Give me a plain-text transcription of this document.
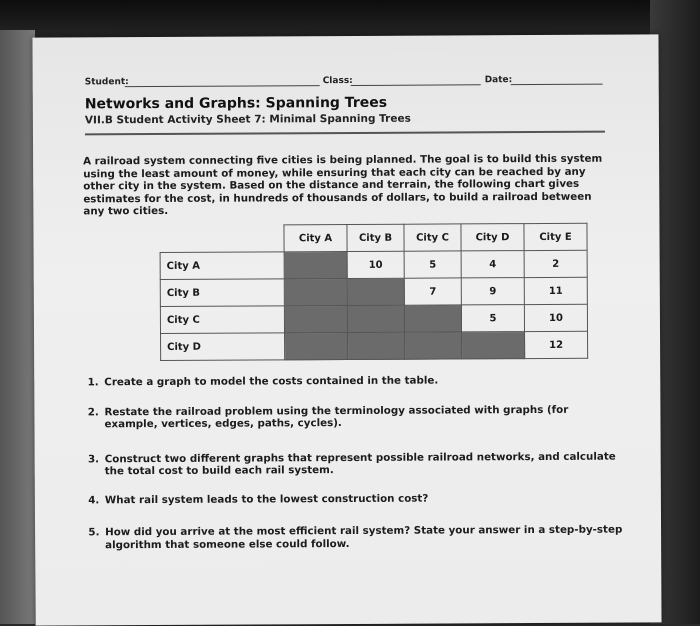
Student:	Class:	Date:
Networks and Graphs: Spanning Trees
VII.B Student Activity Sheet 7: Minimal Spanning Trees

A railroad system connecting five cities is being planned. The goal is to build this system using the least amount of money, while ensuring that each city can be reached by any other city in the system. Based on the distance and terrain, the following chart gives estimates for the cost, in hundreds of thousands of dollars, to build a railroad between any two cities.

	City A	City B	City C	City D	City E
City A		10	5	4	2
City B			7	9	11
City C				5	10
City D					12
1. Create a graph to model the costs contained in the table.
2. Restate the railroad problem using the terminology associated with graphs (for example, vertices, edges, paths, cycles).
3. Construct two different graphs that represent possible railroad networks, and calculate the total cost to build each rail system.
4. What rail system leads to the lowest construction cost?
5. How did you arrive at the most efficient rail system? State your answer in a step-by-step algorithm that someone else could follow.
